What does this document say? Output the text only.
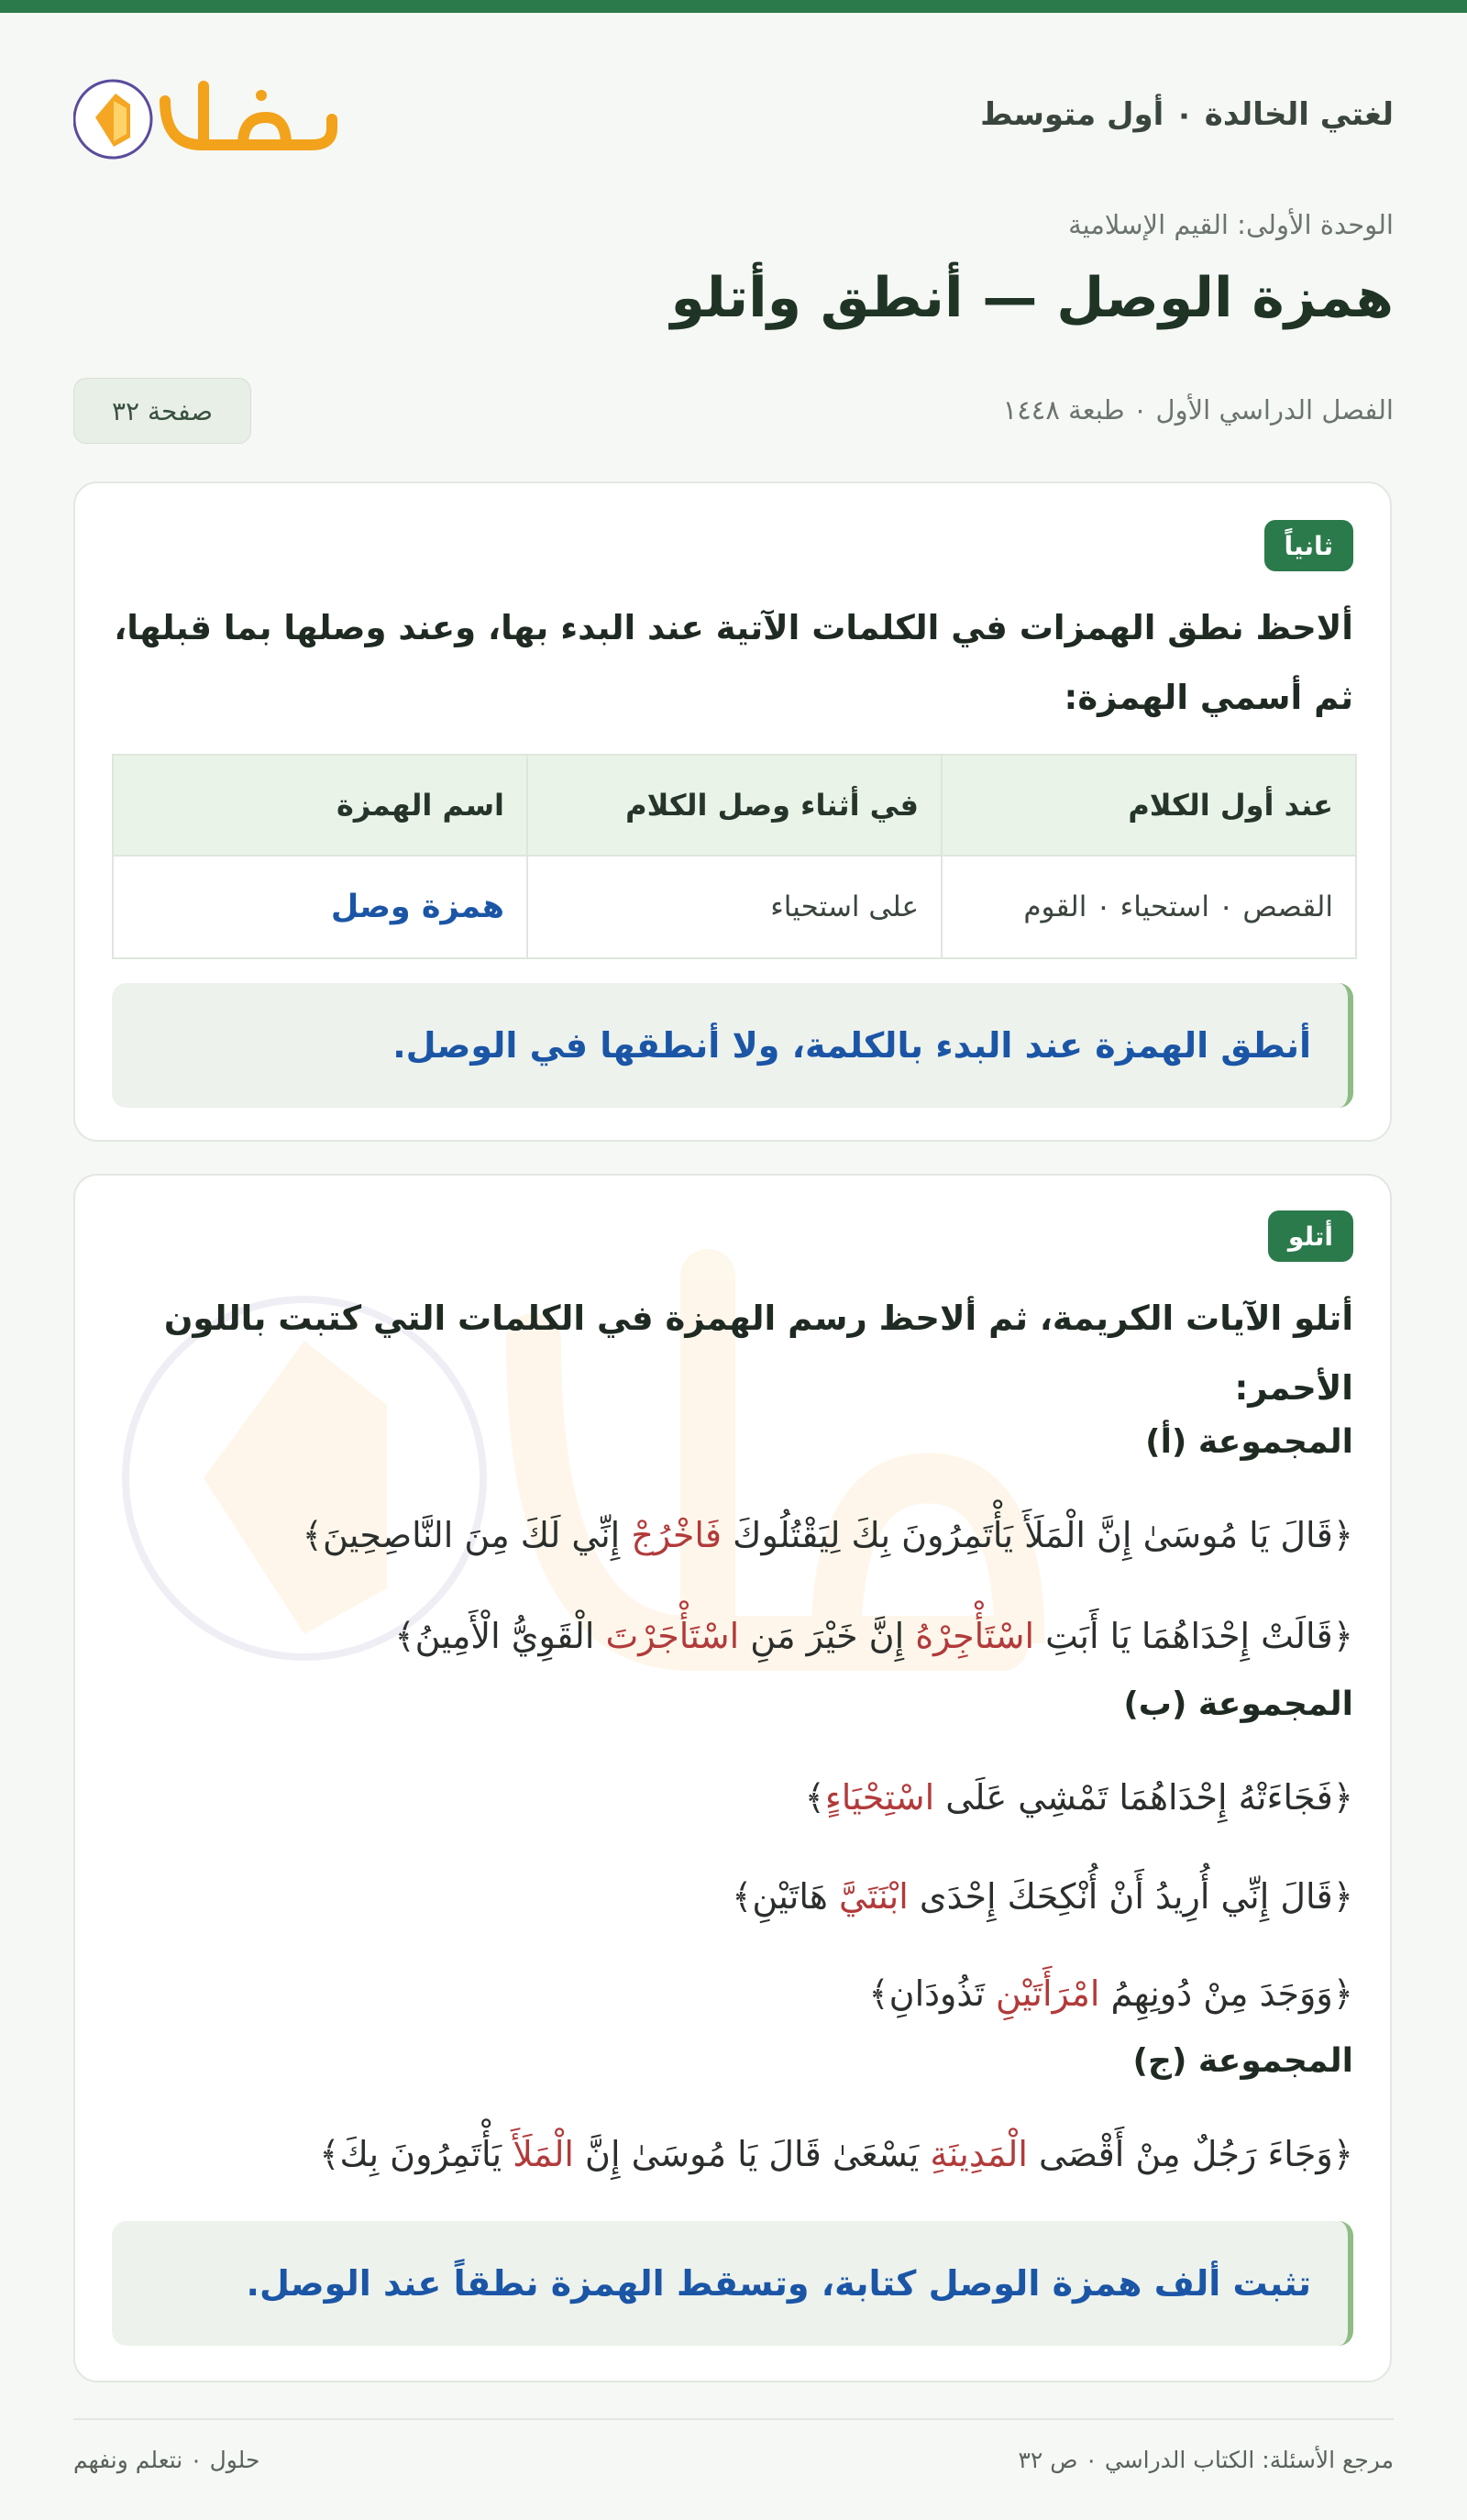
لغتي الخالدة ٠ أول متوسط
الوحدة الأولى: القيم الإسلامية
همزة الوصل — أنطق وأتلو
الفصل الدراسي الأول ٠ طبعة ١٤٤٨
صفحة ٣٢
ثانياً
ألاحظ نطق الهمزات في الكلمات الآتية عند البدء بها، وعند وصلها بما قبلها، ثم أسمي الهمزة:
عند أول الكلام	في أثناء وصل الكلام	اسم الهمزة
القصص ٠ استحياء ٠ القوم	على استحياء	همزة وصل
أنطق الهمزة عند البدء بالكلمة، ولا أنطقها في الوصل.
أتلو
أتلو الآيات الكريمة، ثم ألاحظ رسم الهمزة في الكلمات التي كتبت باللون الأحمر:
المجموعة (أ)
﴿قَالَ يَا مُوسَىٰ إِنَّ الْمَلَأَ يَأْتَمِرُونَ بِكَ لِيَقْتُلُوكَ فَاخْرُجْ إِنِّي لَكَ مِنَ النَّاصِحِينَ﴾
﴿قَالَتْ إِحْدَاهُمَا يَا أَبَتِ اسْتَأْجِرْهُ إِنَّ خَيْرَ مَنِ اسْتَأْجَرْتَ الْقَوِيُّ الْأَمِينُ﴾
المجموعة (ب)
﴿فَجَاءَتْهُ إِحْدَاهُمَا تَمْشِي عَلَى اسْتِحْيَاءٍ﴾
﴿قَالَ إِنِّي أُرِيدُ أَنْ أُنْكِحَكَ إِحْدَى ابْنَتَيَّ هَاتَيْنِ﴾
﴿وَوَجَدَ مِنْ دُونِهِمُ امْرَأَتَيْنِ تَذُودَانِ﴾
المجموعة (ج)
﴿وَجَاءَ رَجُلٌ مِنْ أَقْصَى الْمَدِينَةِ يَسْعَىٰ قَالَ يَا مُوسَىٰ إِنَّ الْمَلَأَ يَأْتَمِرُونَ بِكَ﴾
تثبت ألف همزة الوصل كتابة، وتسقط الهمزة نطقاً عند الوصل.
مرجع الأسئلة: الكتاب الدراسي ٠ ص ٣٢
حلول ٠ نتعلم ونفهم
